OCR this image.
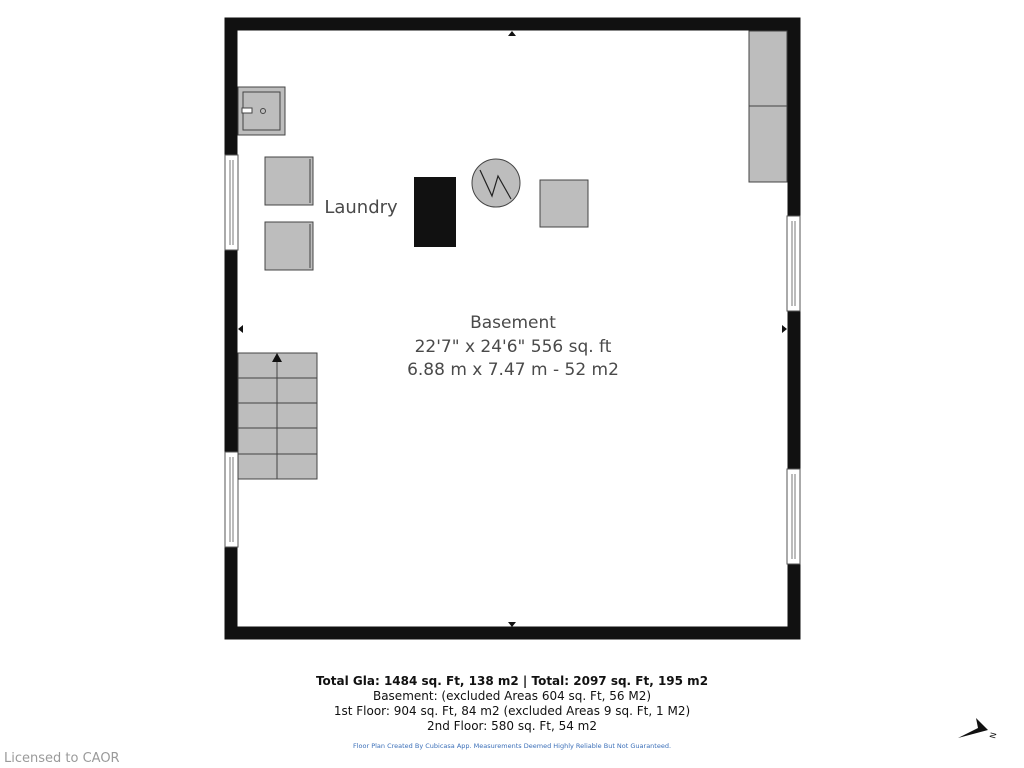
Laundry
Basement
22'7" x 24'6" 556 sq. ft
6.88 m x 7.47 m - 52 m2
Total Gla: 1484 sq. Ft, 138 m2 | Total: 2097 sq. Ft, 195 m2
Basement: (excluded Areas 604 sq. Ft, 56 M2)
1st Floor: 904 sq. Ft, 84 m2 (excluded Areas 9 sq. Ft, 1 M2)
2nd Floor: 580 sq. Ft, 54 m2
Floor Plan Created By Cubicasa App. Measurements Deemed Highly Reliable But Not Guaranteed.
Licensed to CAOR
N
